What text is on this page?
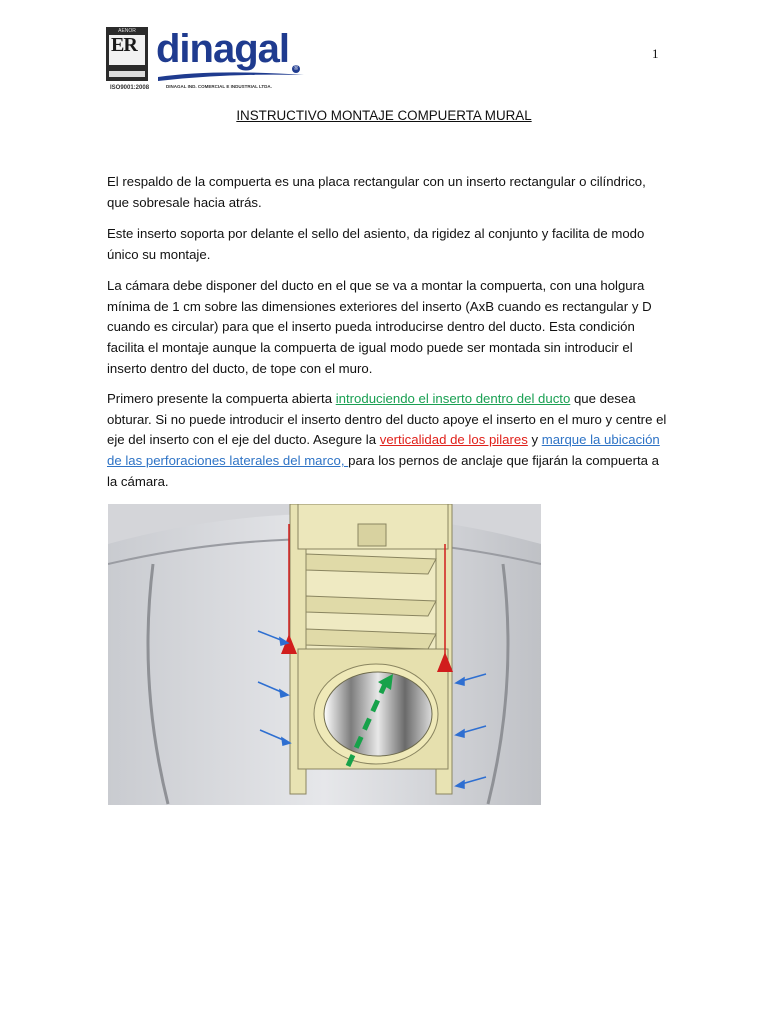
AENOR
ER
ISO9001:2008
dinagal ®
DINAGAL IND. COMERCIAL E INDUSTRIAL LTDA.
1
INSTRUCTIVO MONTAJE COMPUERTA MURAL
El respaldo de la compuerta es una placa rectangular con un inserto rectangular o cilíndrico, que sobresale hacia atrás.
Este inserto soporta por delante el sello del asiento, da rigidez al conjunto y facilita de modo único su montaje.
La cámara debe disponer del ducto en el que se va a montar la compuerta, con una holgura mínima de 1 cm sobre las dimensiones exteriores del inserto (AxB cuando es rectangular y D cuando es circular) para que el inserto pueda introducirse dentro del ducto. Esta condición facilita el montaje aunque la compuerta de igual modo puede ser montada sin introducir el inserto dentro del ducto, de tope con el muro.
Primero presente la compuerta abierta introduciendo el inserto dentro del ducto que desea obturar. Si no puede introducir el inserto dentro del ducto apoye el inserto en el muro y centre el eje del inserto con el eje del ducto. Asegure la verticalidad de los pilares y marque la ubicación de las perforaciones laterales del marco, para los pernos de anclaje que fijarán la compuerta a la cámara.
